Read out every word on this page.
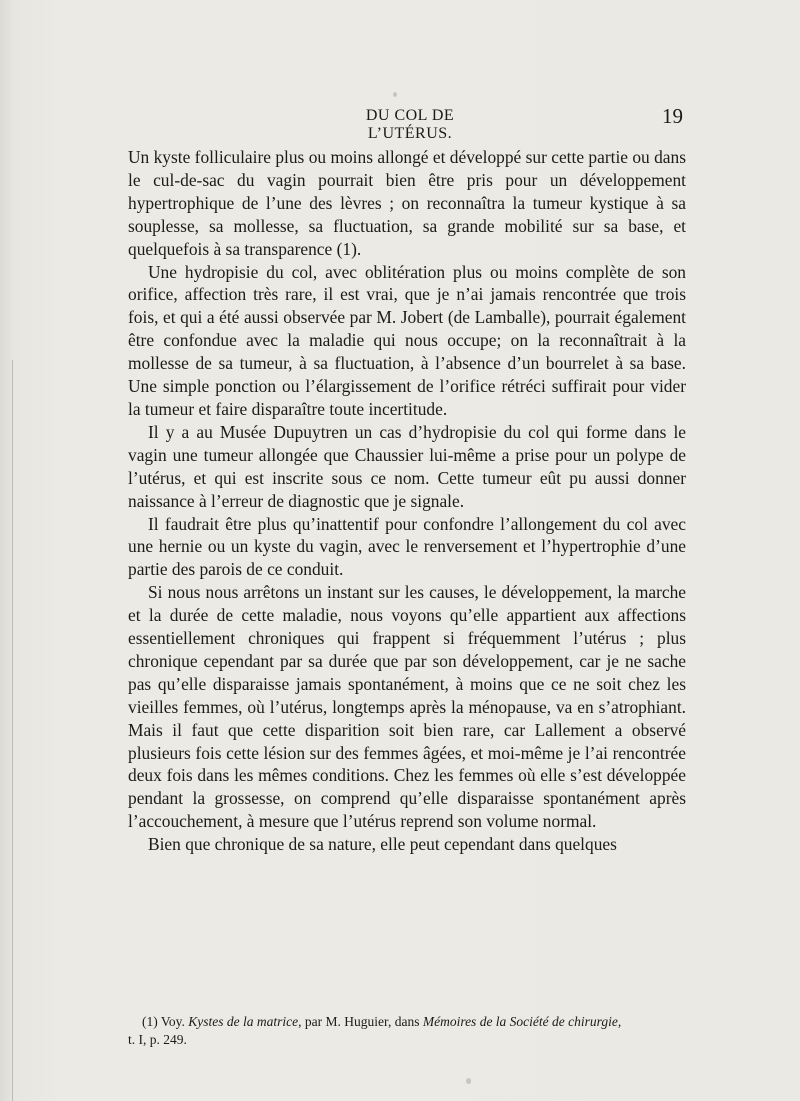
DU COL DE L’UTÉRUS.
19

Un kyste folliculaire plus ou moins allongé et développé sur cette partie ou dans le cul-de-sac du vagin pourrait bien être pris pour un développement hypertrophique de l’une des lèvres ; on reconnaîtra la tumeur kystique à sa souplesse, sa mollesse, sa fluctuation, sa grande mobilité sur sa base, et quelquefois à sa transparence (1).

Une hydropisie du col, avec oblitération plus ou moins complète de son orifice, affection très rare, il est vrai, que je n’ai jamais rencontrée que trois fois, et qui a été aussi observée par M. Jobert (de Lamballe), pourrait également être confondue avec la maladie qui nous occupe; on la reconnaîtrait à la mollesse de sa tumeur, à sa fluctuation, à l’absence d’un bourrelet à sa base. Une simple ponction ou l’élargissement de l’orifice rétréci suffirait pour vider la tumeur et faire disparaître toute incertitude.

Il y a au Musée Dupuytren un cas d’hydropisie du col qui forme dans le vagin une tumeur allongée que Chaussier lui-même a prise pour un polype de l’utérus, et qui est inscrite sous ce nom. Cette tumeur eût pu aussi donner naissance à l’erreur de diagnostic que je signale.

Il faudrait être plus qu’inattentif pour confondre l’allongement du col avec une hernie ou un kyste du vagin, avec le renversement et l’hypertrophie d’une partie des parois de ce conduit.

Si nous nous arrêtons un instant sur les causes, le développement, la marche et la durée de cette maladie, nous voyons qu’elle appartient aux affections essentiellement chroniques qui frappent si fréquemment l’utérus ; plus chronique cependant par sa durée que par son développement, car je ne sache pas qu’elle disparaisse jamais spontanément, à moins que ce ne soit chez les vieilles femmes, où l’utérus, longtemps après la ménopause, va en s’atrophiant. Mais il faut que cette disparition soit bien rare, car Lallement a observé plusieurs fois cette lésion sur des femmes âgées, et moi-même je l’ai rencontrée deux fois dans les mêmes conditions. Chez les femmes où elle s’est développée pendant la grossesse, on comprend qu’elle disparaisse spontanément après l’accouchement, à mesure que l’utérus reprend son volume normal.

Bien que chronique de sa nature, elle peut cependant dans quelques

(1) Voy. Kystes de la matrice, par M. Huguier, dans Mémoires de la Société de chirurgie,
t. I, p. 249.
